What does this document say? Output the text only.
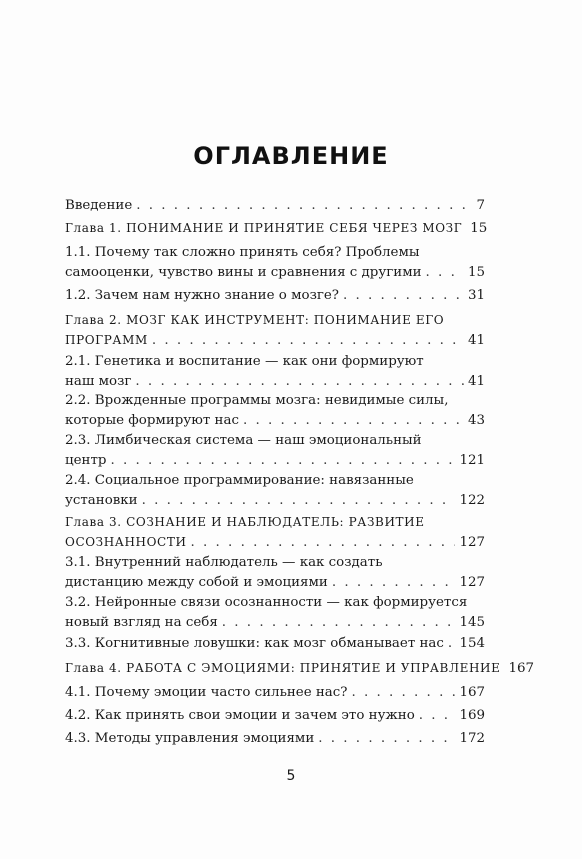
ОГЛАВЛЕНИЕ
Введение . . .	7
Глава 1. ПОНИМАНИЕ И ПРИНЯТИЕ СЕБЯ ЧЕРЕЗ МОЗГ 15
1.1. Почему так сложно принять себя? Проблемы
самооценки, чувство вины и сравнения с другими . . .	15
1.2. Зачем нам нужно знание о мозге? . . .	31
Глава 2. МОЗГ КАК ИНСТРУМЕНТ: ПОНИМАНИЕ ЕГО
ПРОГРАММ . . .	41
2.1. Генетика и воспитание — как они формируют
наш мозг . . .	41
2.2. Врожденные программы мозга: невидимые силы,
которые формируют нас . . .	43
2.3. Лимбическая система — наш эмоциональный
центр . . .	121
2.4. Социальное программирование: навязанные
установки . . .	122
Глава 3. СОЗНАНИЕ И НАБЛЮДАТЕЛЬ: РАЗВИТИЕ
ОСОЗНАННОСТИ . . .	127
3.1. Внутренний наблюдатель — как создать
дистанцию между собой и эмоциями . . .	127
3.2. Нейронные связи осознанности — как формируется
новый взгляд на себя . . .	145
3.3. Когнитивные ловушки: как мозг обманывает нас . . . 154
Глава 4. РАБОТА С ЭМОЦИЯМИ: ПРИНЯТИЕ И УПРАВЛЕНИЕ 167
4.1. Почему эмоции часто сильнее нас? . . .	167
4.2. Как принять свои эмоции и зачем это нужно . . .	169
4.3. Методы управления эмоциями . . .	172
5
